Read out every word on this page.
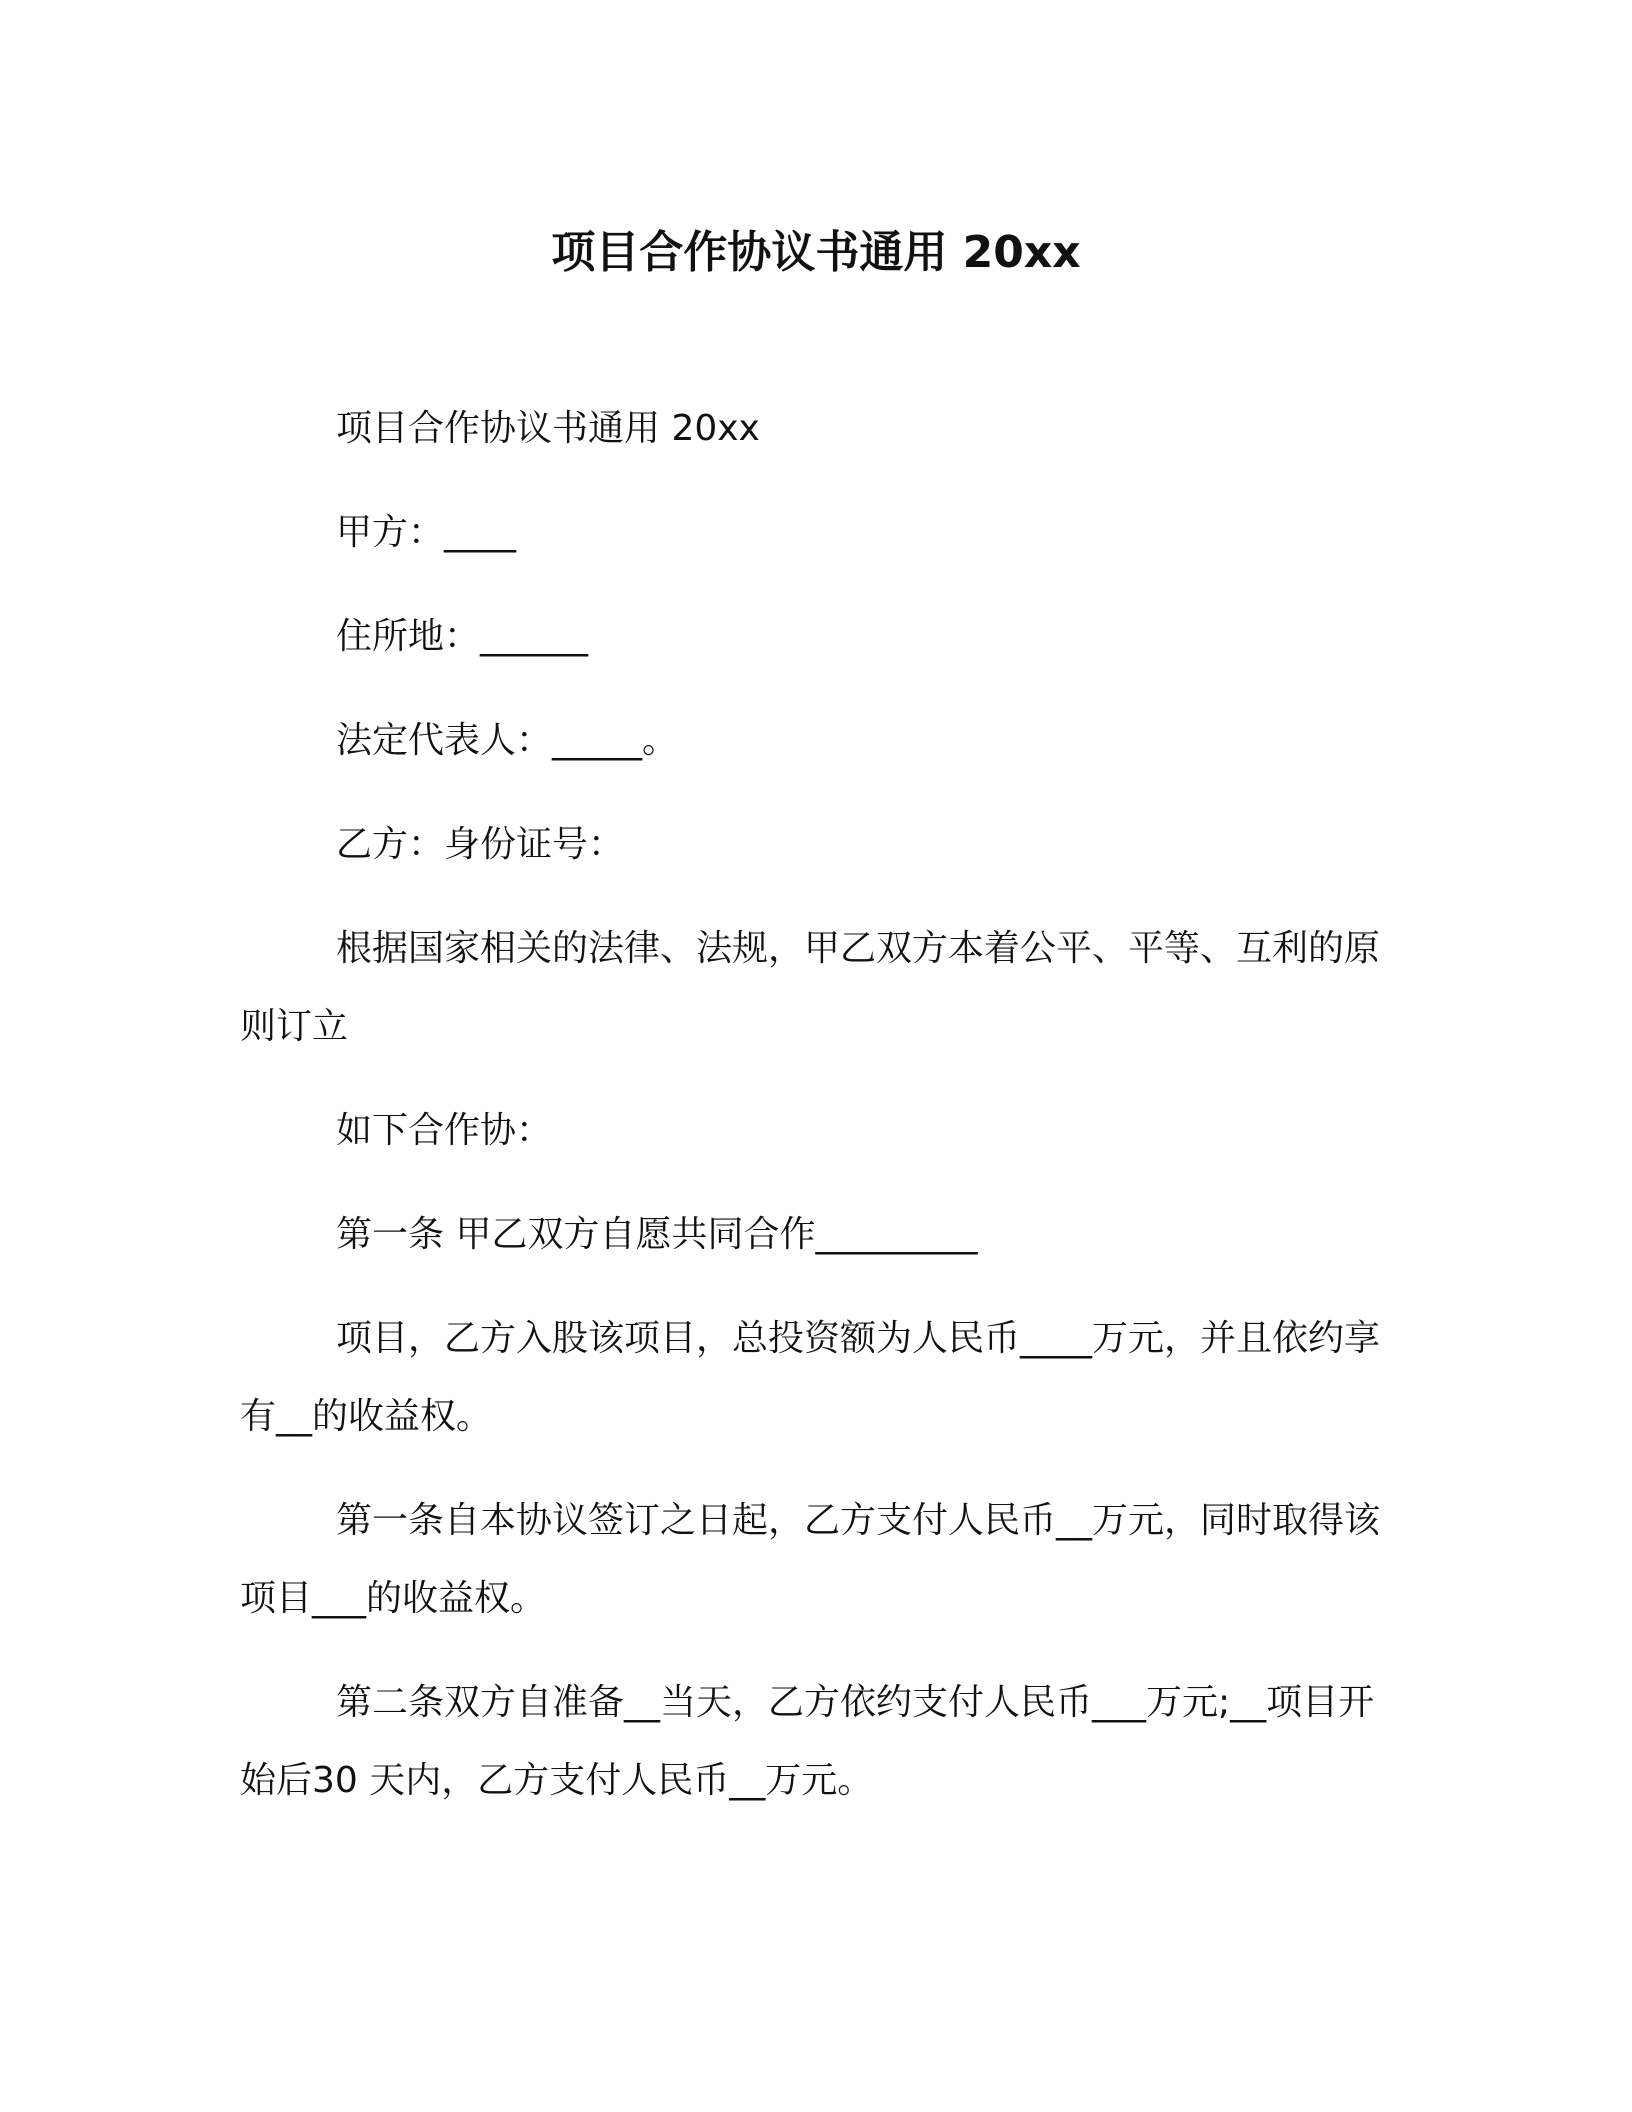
项目合作协议书通用 20xx

项目合作协议书通用 20xx

甲方：____

住所地：______

法定代表人：_____。

乙方：身份证号：

根据国家相关的法律、法规，甲乙双方本着公平、平等、互利的原则订立

如下合作协：

第一条 甲乙双方自愿共同合作_________

项目，乙方入股该项目，总投资额为人民币____万元，并且依约享有__的收益权。

第一条自本协议签订之日起，乙方支付人民币__万元，同时取得该项目___的收益权。

第二条双方自准备__当天，乙方依约支付人民币___万元;__项目开始后30 天内，乙方支付人民币__万元。
